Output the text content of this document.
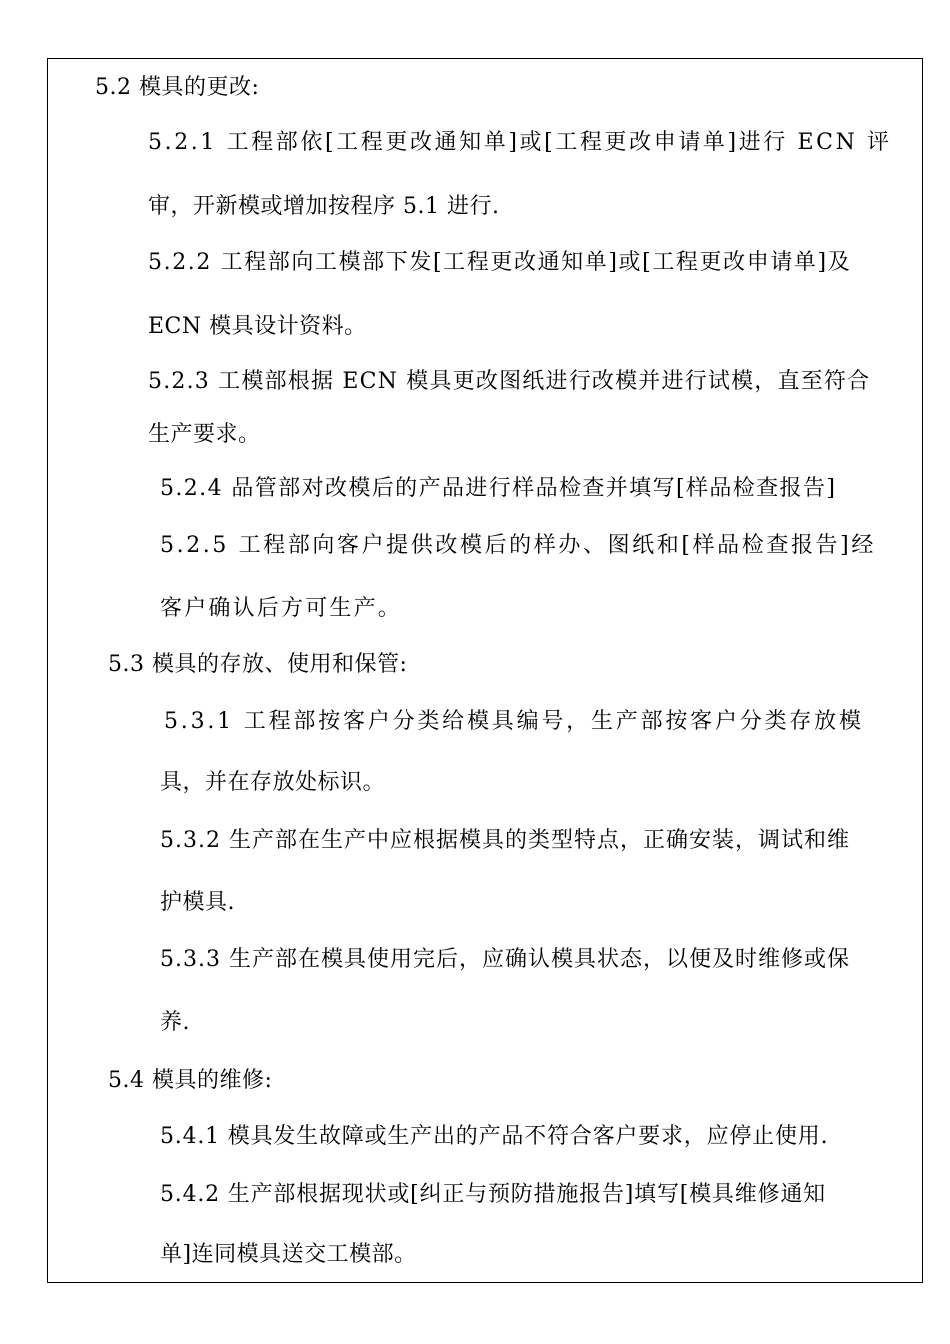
5.2 模具的更改:
5.2.1 工程部依[工程更改通知单]或[工程更改申请单]进行 ECN 评
审，开新模或增加按程序 5.1 进行.
5.2.2 工程部向工模部下发[工程更改通知单]或[工程更改申请单]及
ECN 模具设计资料。
5.2.3 工模部根据 ECN 模具更改图纸进行改模并进行试模，直至符合
生产要求。
5.2.4 品管部对改模后的产品进行样品检查并填写[样品检查报告]
5.2.5 工程部向客户提供改模后的样办、图纸和[样品检查报告]经
客户确认后方可生产。
5.3 模具的存放、使用和保管:
5.3.1 工程部按客户分类给模具编号，生产部按客户分类存放模
具，并在存放处标识。
5.3.2 生产部在生产中应根据模具的类型特点，正确安装，调试和维
护模具.
5.3.3 生产部在模具使用完后，应确认模具状态，以便及时维修或保
养.
5.4 模具的维修:
5.4.1 模具发生故障或生产出的产品不符合客户要求，应停止使用.
5.4.2 生产部根据现状或[纠正与预防措施报告]填写[模具维修通知
单]连同模具送交工模部。
